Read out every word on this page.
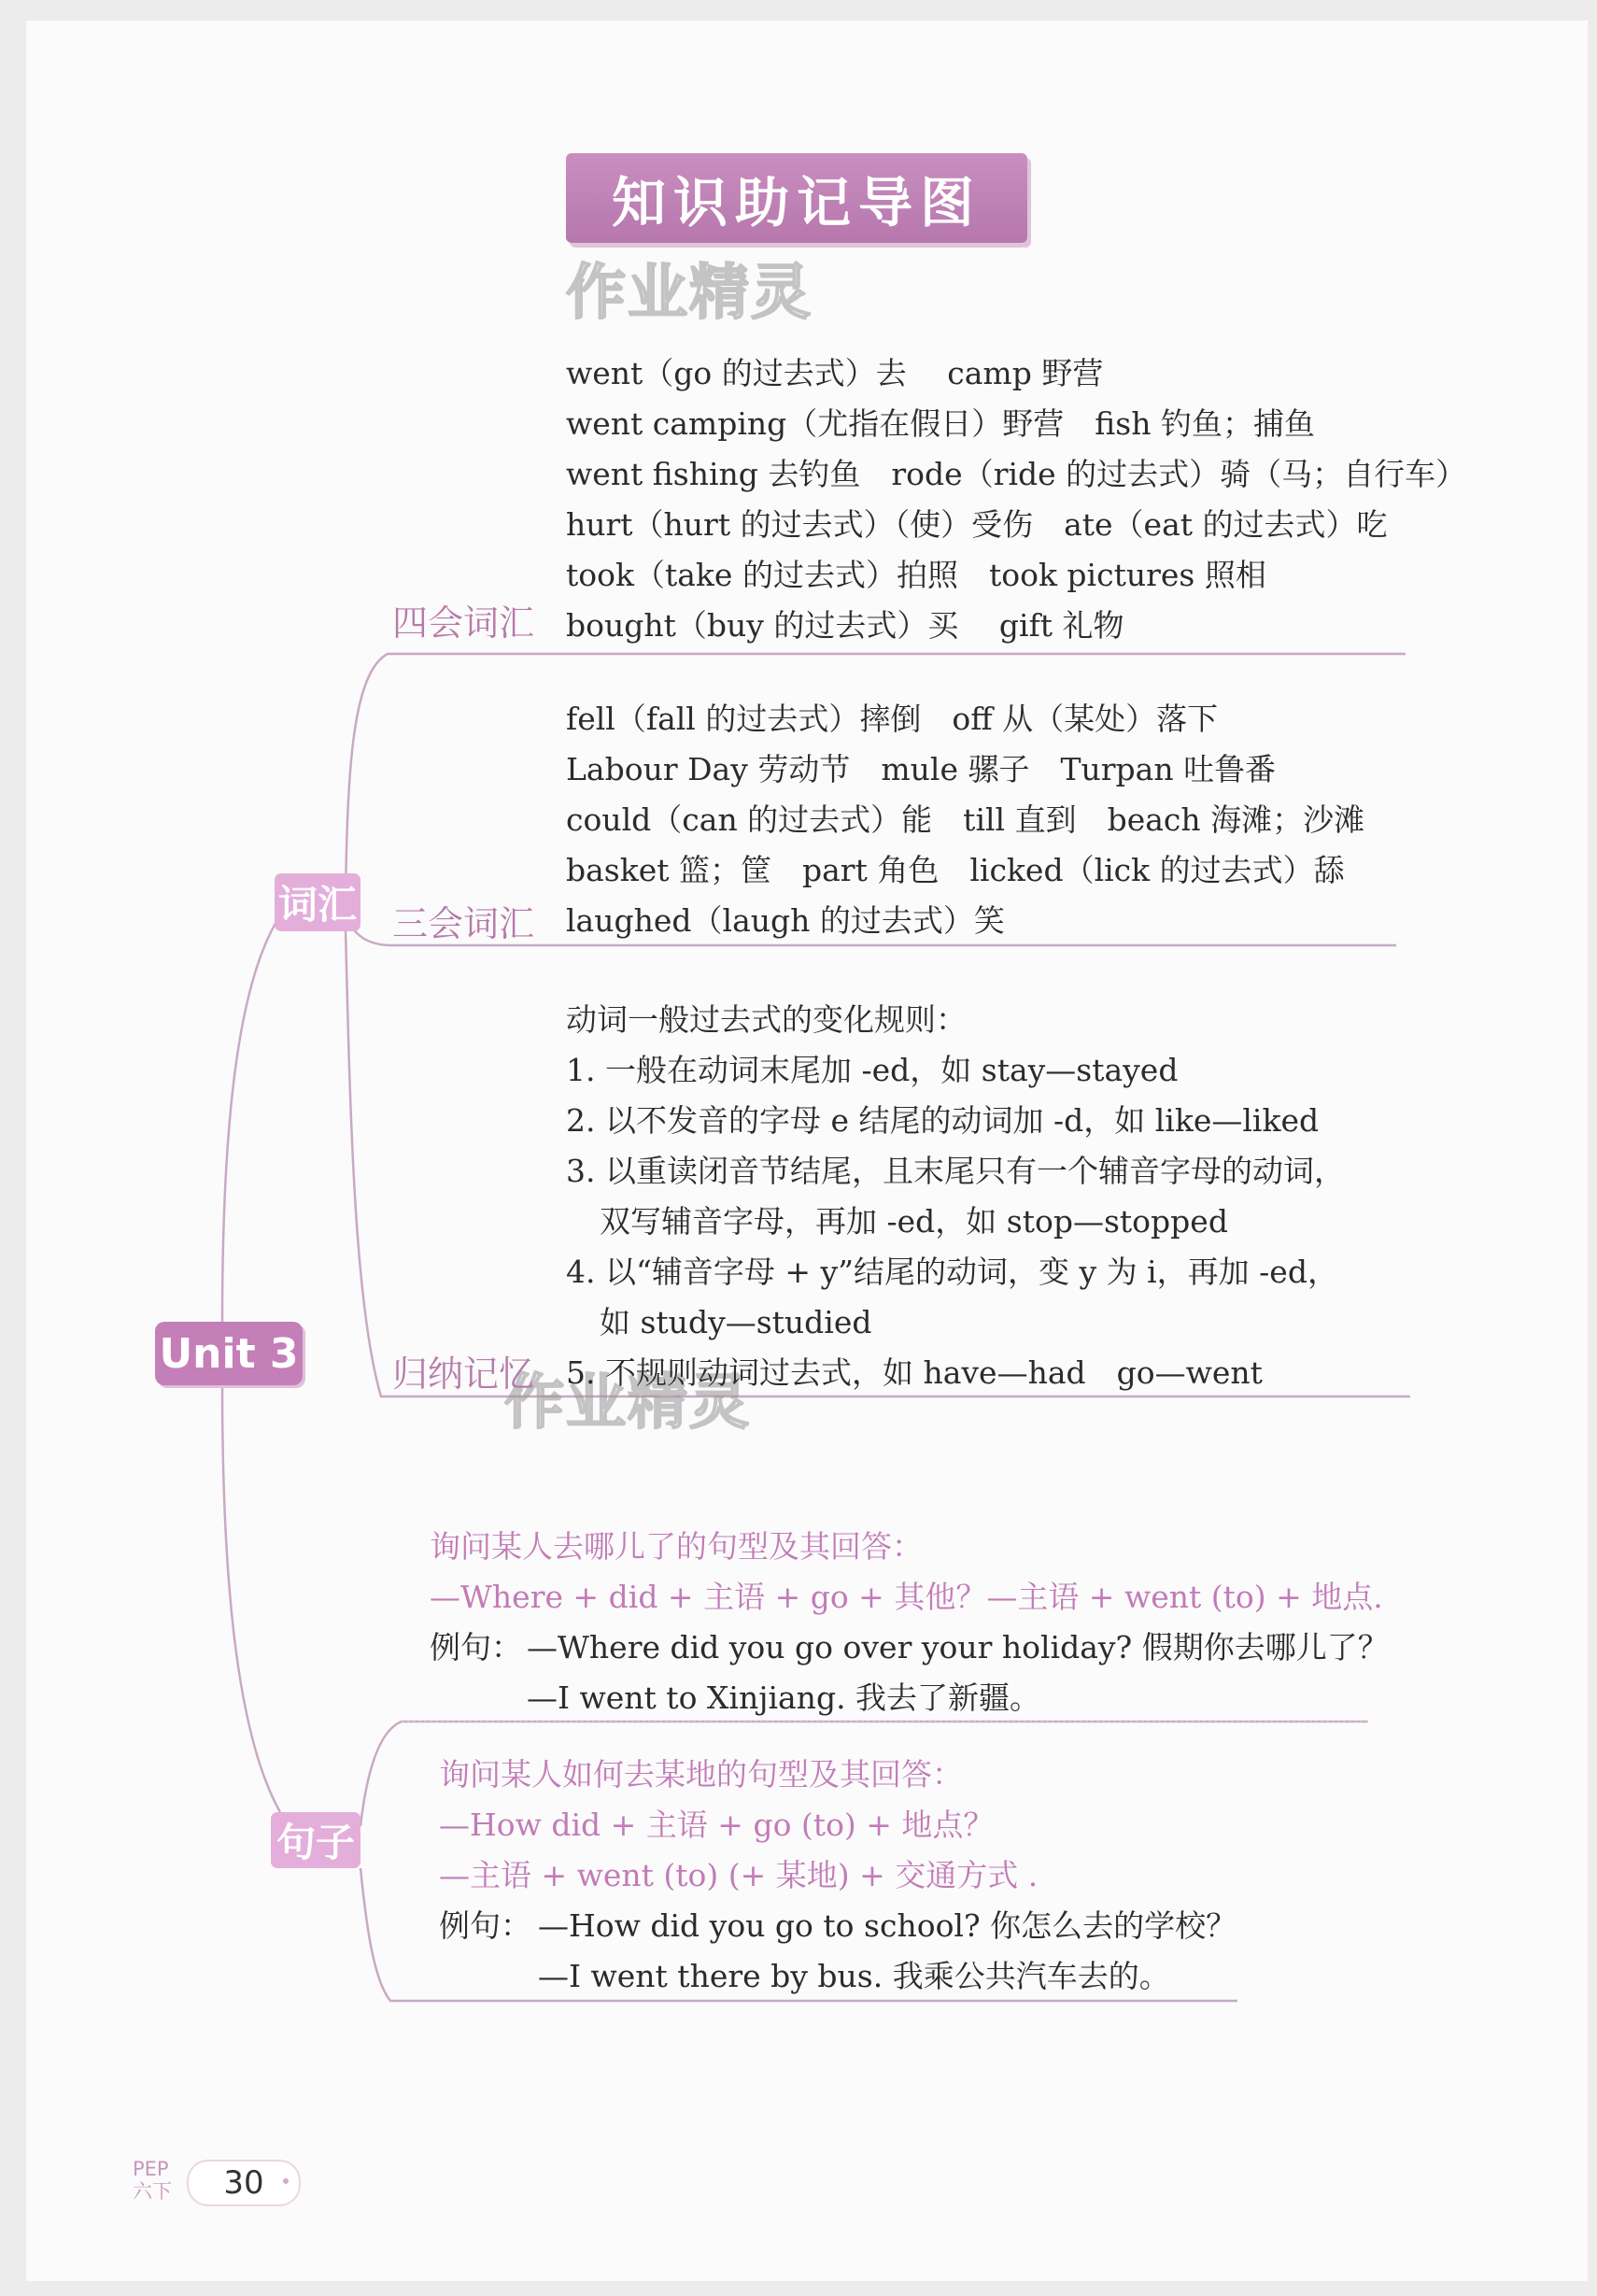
知识助记导图
作业精灵
作业精灵
Unit 3
词汇
句子
四会词汇
三会词汇
归纳记忆
went（go 的过去式）去　 camp 野营
went camping（尤指在假日）野营　fish 钓鱼；捕鱼
went fishing 去钓鱼　rode（ride 的过去式）骑（马；自行车）
hurt（hurt 的过去式）（使）受伤　ate（eat 的过去式）吃
took（take 的过去式）拍照　took pictures 照相
bought（buy 的过去式）买　 gift 礼物
fell（fall 的过去式）摔倒　off 从（某处）落下
Labour Day 劳动节　mule 骡子　Turpan 吐鲁番
could（can 的过去式）能　till 直到　beach 海滩；沙滩
basket 篮；筐　part 角色　licked（lick 的过去式）舔
laughed（laugh 的过去式）笑
动词一般过去式的变化规则：
1. 一般在动词末尾加 -ed，如 stay—stayed
2. 以不发音的字母 e 结尾的动词加 -d，如 like—liked
3. 以重读闭音节结尾，且末尾只有一个辅音字母的动词，
双写辅音字母，再加 -ed，如 stop—stopped
4. 以“辅音字母 + y”结尾的动词，变 y 为 i，再加 -ed，
如 study—studied
5. 不规则动词过去式，如 have—had　go—went
询问某人去哪儿了的句型及其回答：
—Where + did + 主语 + go + 其他？—主语 + went (to) + 地点.
例句： —Where did you go over your holiday? 假期你去哪儿了？
—I went to Xinjiang. 我去了新疆。
询问某人如何去某地的句型及其回答：
—How did + 主语 + go (to) + 地点？
—主语 + went (to) (+ 某地) + 交通方式 .
例句： —How did you go to school? 你怎么去的学校？
—I went there by bus. 我乘公共汽车去的。
PEP
六下	30
